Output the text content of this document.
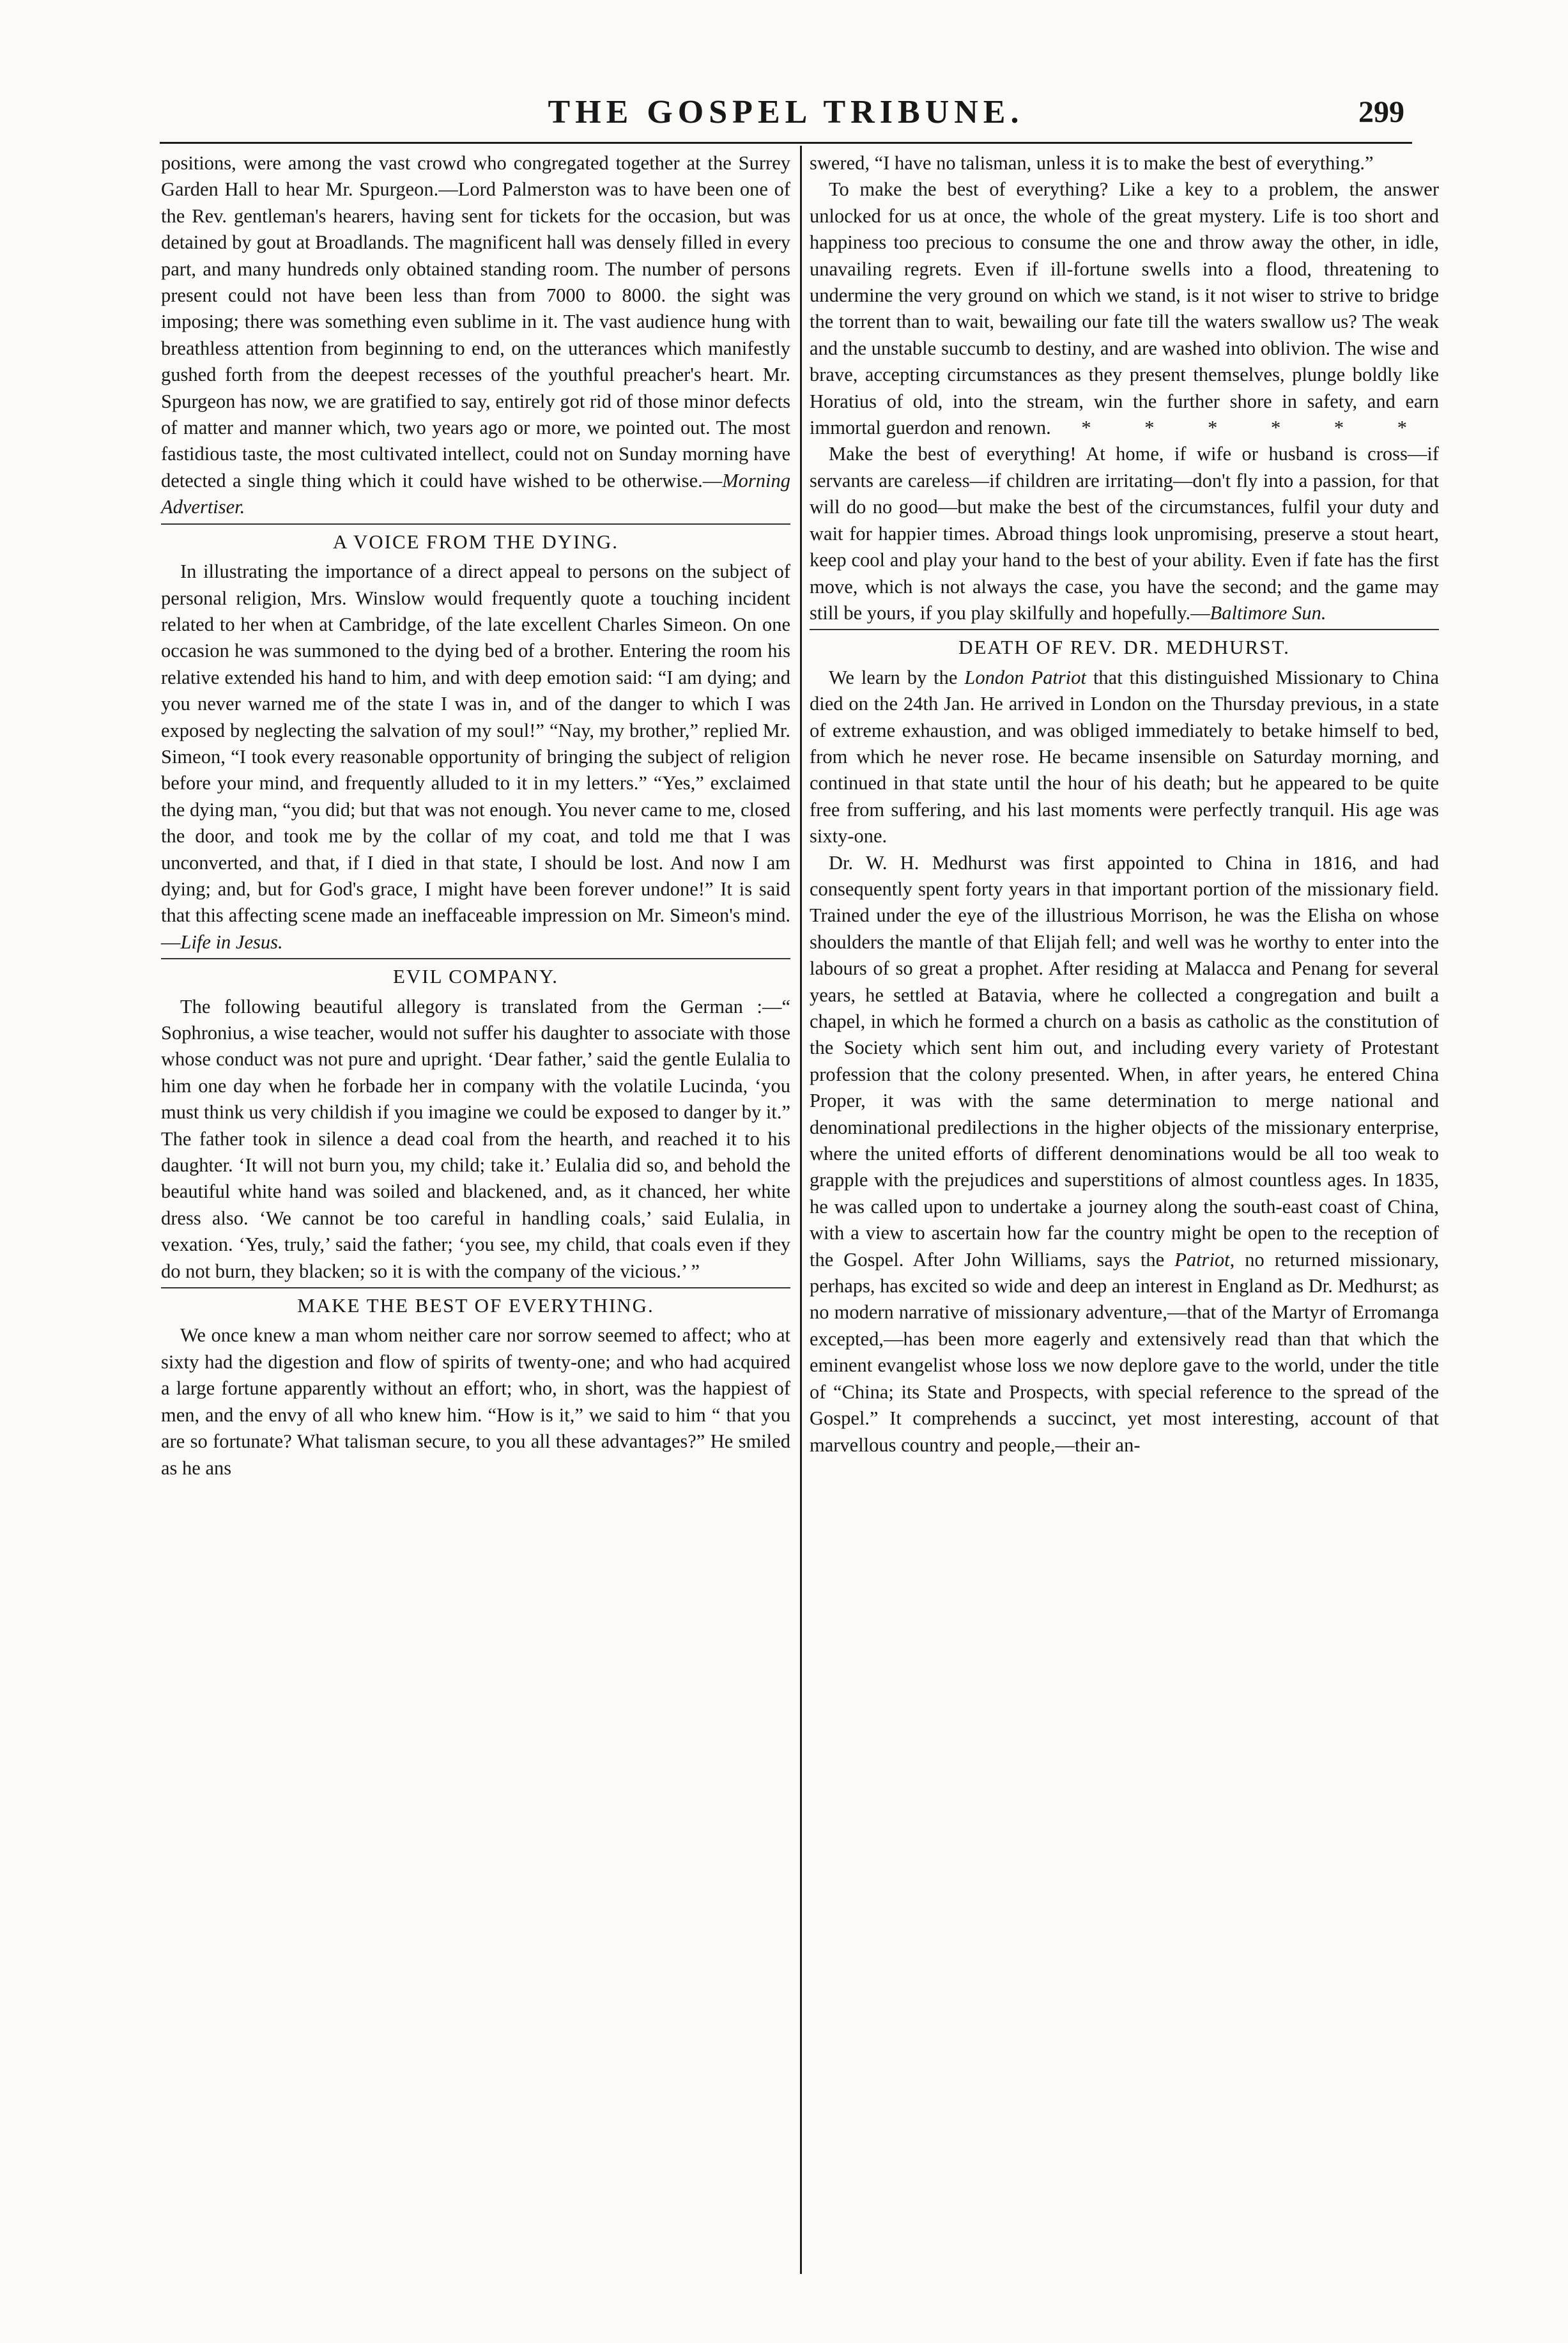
THE GOSPEL TRIBUNE.	299

positions, were among the vast crowd who congregated together at the Surrey Garden Hall to hear Mr. Spurgeon.—Lord Palmerston was to have been one of the Rev. gentleman's hearers, having sent for tickets for the occasion, but was detained by gout at Broadlands. The magnificent hall was densely filled in every part, and many hundreds only obtained standing room. The number of persons present could not have been less than from 7000 to 8000. the sight was imposing; there was something even sublime in it. The vast audience hung with breathless attention from beginning to end, on the utterances which manifestly gushed forth from the deepest recesses of the youthful preacher's heart. Mr. Spurgeon has now, we are gratified to say, entirely got rid of those minor defects of matter and manner which, two years ago or more, we pointed out. The most fastidious taste, the most cultivated intellect, could not on Sunday morning have detected a single thing which it could have wished to be otherwise.—Morning Advertiser.

A VOICE FROM THE DYING.

In illustrating the importance of a direct appeal to persons on the subject of personal religion, Mrs. Winslow would frequently quote a touching incident related to her when at Cambridge, of the late excellent Charles Simeon. On one occasion he was summoned to the dying bed of a brother. Entering the room his relative extended his hand to him, and with deep emotion said: “I am dying; and you never warned me of the state I was in, and of the danger to which I was exposed by neglecting the salvation of my soul!” “Nay, my brother,” replied Mr. Simeon, “I took every reasonable opportunity of bringing the subject of religion before your mind, and frequently alluded to it in my letters.” “Yes,” exclaimed the dying man, “you did; but that was not enough. You never came to me, closed the door, and took me by the collar of my coat, and told me that I was unconverted, and that, if I died in that state, I should be lost. And now I am dying; and, but for God's grace, I might have been forever undone!” It is said that this affecting scene made an ineffaceable impression on Mr. Simeon's mind.—Life in Jesus.

EVIL COMPANY.

The following beautiful allegory is translated from the German :—“ Sophronius, a wise teacher, would not suffer his daughter to associate with those whose conduct was not pure and upright. ‘Dear father,’ said the gentle Eulalia to him one day when he forbade her in company with the volatile Lucinda, ‘you must think us very childish if you imagine we could be exposed to danger by it.” The father took in silence a dead coal from the hearth, and reached it to his daughter. ‘It will not burn you, my child; take it.’ Eulalia did so, and behold the beautiful white hand was soiled and blackened, and, as it chanced, her white dress also. ‘We cannot be too careful in handling coals,’ said Eulalia, in vexation. ‘Yes, truly,’ said the father; ‘you see, my child, that coals even if they do not burn, they blacken; so it is with the company of the vicious.’ ”

MAKE THE BEST OF EVERYTHING.

We once knew a man whom neither care nor sorrow seemed to affect; who at sixty had the digestion and flow of spirits of twenty-one; and who had acquired a large fortune apparently without an effort; who, in short, was the happiest of men, and the envy of all who knew him. “How is it,” we said to him “ that you are so fortunate? What talisman secure, to you all these advantages?” He smiled as he ans

swered, “I have no talisman, unless it is to make the best of everything.”

To make the best of everything? Like a key to a problem, the answer unlocked for us at once, the whole of the great mystery. Life is too short and happiness too precious to consume the one and throw away the other, in idle, unavailing regrets. Even if ill-fortune swells into a flood, threatening to undermine the very ground on which we stand, is it not wiser to strive to bridge the torrent than to wait, bewailing our fate till the waters swallow us? The weak and the unstable succumb to destiny, and are washed into oblivion. The wise and brave, accepting circumstances as they present themselves, plunge boldly like Horatius of old, into the stream, win the further shore in safety, and earn immortal guerdon and renown. * * * * * *

Make the best of everything! At home, if wife or husband is cross—if servants are careless—if children are irritating—don't fly into a passion, for that will do no good—but make the best of the circumstances, fulfil your duty and wait for happier times. Abroad things look unpromising, preserve a stout heart, keep cool and play your hand to the best of your ability. Even if fate has the first move, which is not always the case, you have the second; and the game may still be yours, if you play skilfully and hopefully.—Baltimore Sun.

DEATH OF REV. DR. MEDHURST.

We learn by the London Patriot that this distinguished Missionary to China died on the 24th Jan. He arrived in London on the Thursday previous, in a state of extreme exhaustion, and was obliged immediately to betake himself to bed, from which he never rose. He became insensible on Saturday morning, and continued in that state until the hour of his death; but he appeared to be quite free from suffering, and his last moments were perfectly tranquil. His age was sixty-one.

Dr. W. H. Medhurst was first appointed to China in 1816, and had consequently spent forty years in that important portion of the missionary field. Trained under the eye of the illustrious Morrison, he was the Elisha on whose shoulders the mantle of that Elijah fell; and well was he worthy to enter into the labours of so great a prophet. After residing at Malacca and Penang for several years, he settled at Batavia, where he collected a congregation and built a chapel, in which he formed a church on a basis as catholic as the constitution of the Society which sent him out, and including every variety of Protestant profession that the colony presented. When, in after years, he entered China Proper, it was with the same determination to merge national and denominational predilections in the higher objects of the missionary enterprise, where the united efforts of different denominations would be all too weak to grapple with the prejudices and superstitions of almost countless ages. In 1835, he was called upon to undertake a journey along the south-east coast of China, with a view to ascertain how far the country might be open to the reception of the Gospel. After John Williams, says the Patriot, no returned missionary, perhaps, has excited so wide and deep an interest in England as Dr. Medhurst; as no modern narrative of missionary adventure,—that of the Martyr of Erromanga excepted,—has been more eagerly and extensively read than that which the eminent evangelist whose loss we now deplore gave to the world, under the title of “China; its State and Prospects, with special reference to the spread of the Gospel.” It comprehends a succinct, yet most interesting, account of that marvellous country and people,—their an-
